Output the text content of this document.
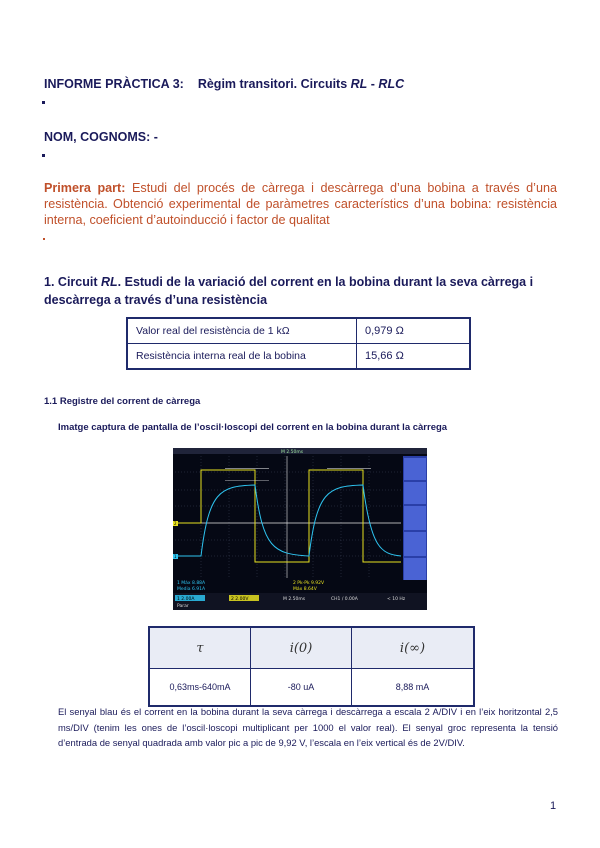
INFORME PRÀCTICA 3: Règim transitori. Circuits RL - RLC
NOM, COGNOMS: -
Primera part: Estudi del procés de càrrega i descàrrega d’una bobina a través d’una resistència. Obtenció experimental de paràmetres característics d’una bobina: resistència interna, coeficient d’autoinducció i factor de qualitat
1. Circuit RL. Estudi de la variació del corrent en la bobina durant la seva càrrega i descàrrega a través d’una resistència
Valor real del resistència de 1 kΩ	0,979 Ω
Resistència interna real de la bobina	15,66 Ω
1.1 Registre del corrent de càrrega
Imatge captura de pantalla de l’oscil·loscopi del corrent en la bobina durant la càrrega
M 2.50ms
1
2
1 Máx 8.88A
Media 6.91A
2 Pk-Pk 9.92V
Máx 8.64V
1 2.00A	2 2.00V	M 2.50ms	CH1 / 0.00A	< 10 Hz
Parar
τ	i(0)	i(∞)
0,63ms-640mA	-80 uA	8,88 mA
El senyal blau és el corrent en la bobina durant la seva càrrega i descàrrega a escala 2 A/DIV i en l’eix horitzontal 2,5 ms/DIV (tenim les ones de l’oscil·loscopi multiplicant per 1000 el valor real). El senyal groc representa la tensió d’entrada de senyal quadrada amb valor pic a pic de 9,92 V, l’escala en l’eix vertical és de 2V/DIV.
1
